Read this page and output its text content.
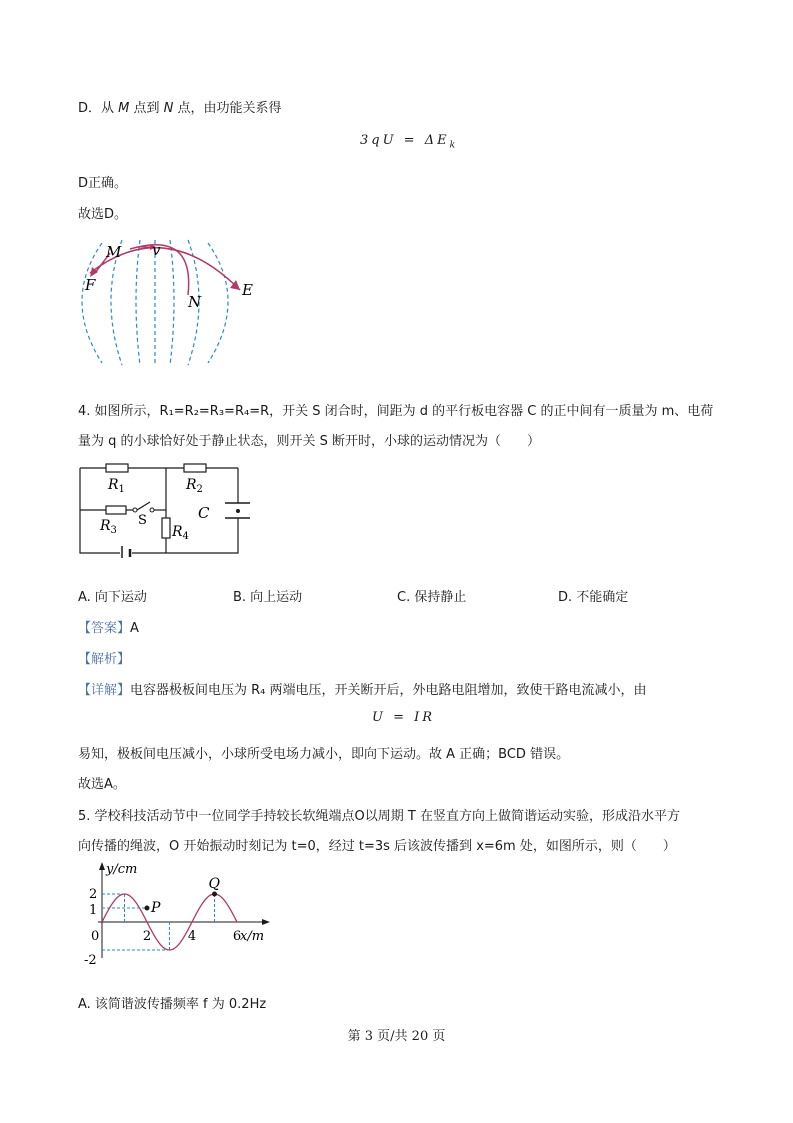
D．从 M 点到 N 点，由功能关系得
$3qU = \Delta E_k$
D正确。
故选D。
M v
F
N
E
4. 如图所示，R₁=R₂=R₃=R₄=R，开关 S 闭合时，间距为 d 的平行板电容器 C 的正中间有一质量为 m、电荷
量为 q 的小球恰好处于静止状态，则开关 S 断开时，小球的运动情况为（　　）
$R_1$	$R_2$
$R_3$	$R_4$
S	C
A. 向下运动	B. 向上运动	C. 保持静止	D. 不能确定
【答案】A
【解析】
【详解】电容器极板间电压为 R₄ 两端电压，开关断开后，外电路电阻增加，致使干路电流减小，由
U = IR
易知，极板间电压减小，小球所受电场力减小，即向下运动。故 A 正确；BCD 错误。
故选A。
5. 学校科技活动节中一位同学手持较长软绳端点O以周期 T 在竖直方向上做简谐运动实验，形成沿水平方
向传播的绳波，O 开始振动时刻记为 t=0，经过 t=3s 后该波传播到 x=6m 处，如图所示，则（　　）
y/cm
x/m
2
1
0
-2
2	4	6
P
Q
A. 该简谐波传播频率 f 为 0.2Hz
第 3 页/共 20 页
